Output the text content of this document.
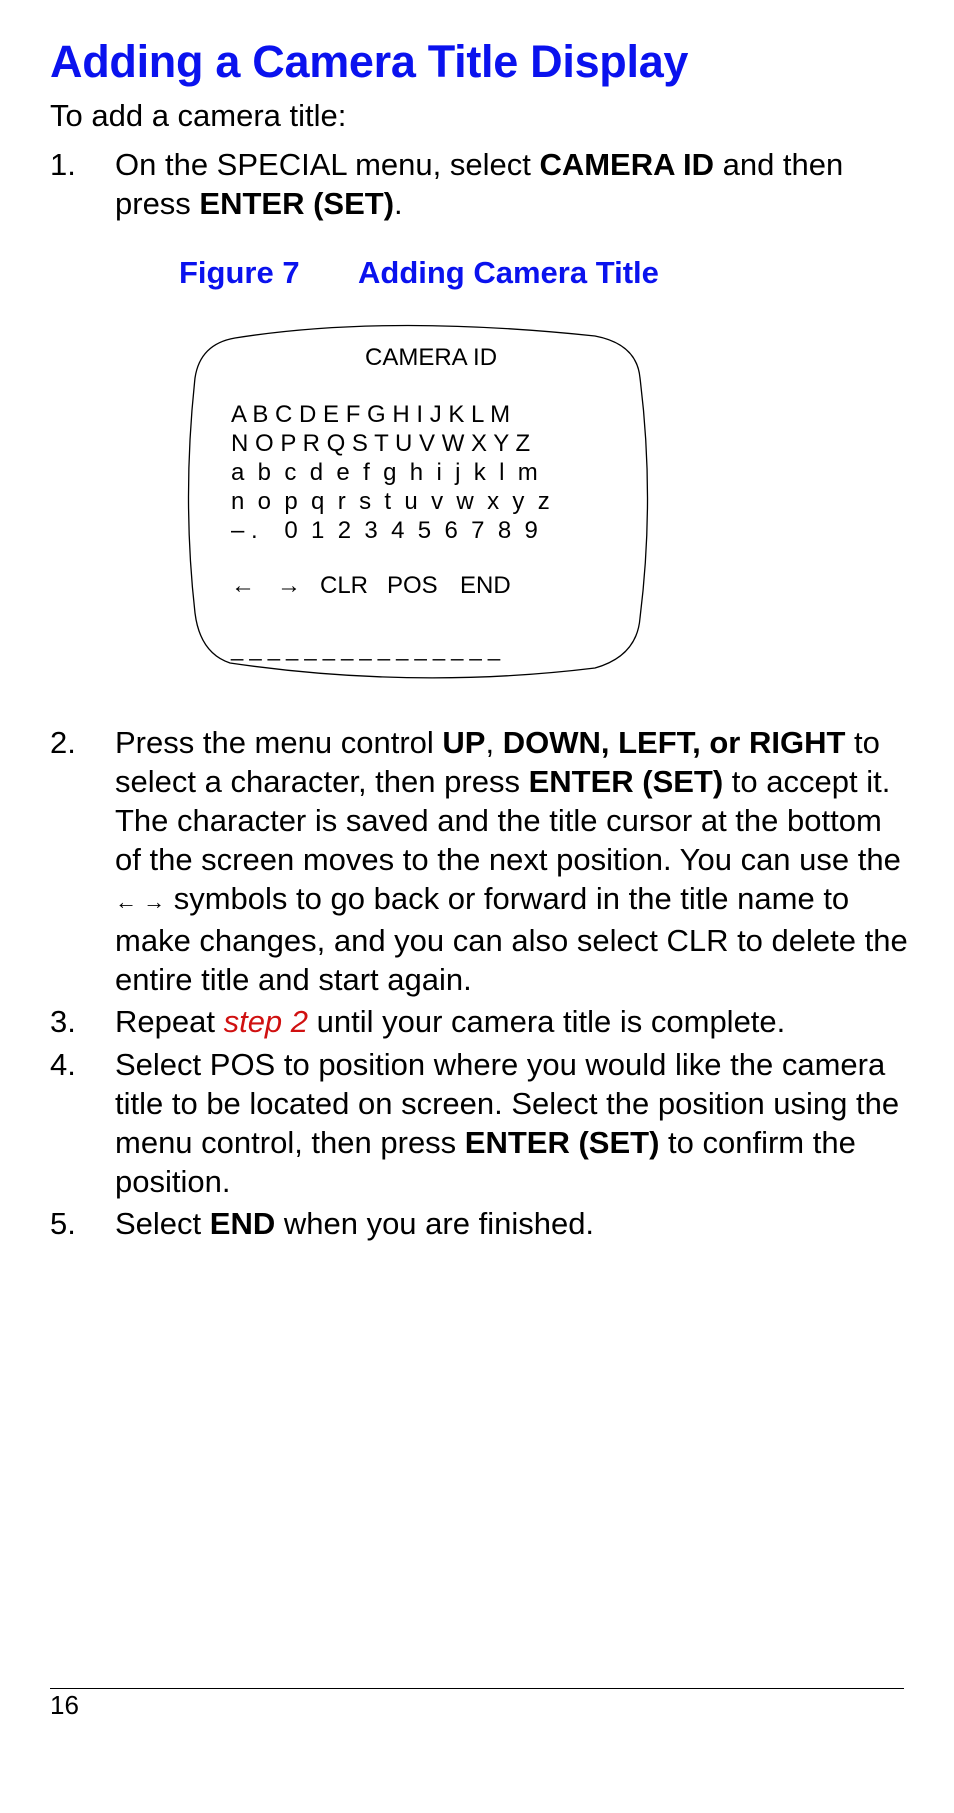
Adding a Camera Title Display
To add a camera title:
1. On the SPECIAL menu, select CAMERA ID and then press ENTER (SET).
Figure 7 Adding Camera Title
CAMERA ID
A B C D E F G H I J K L M
N O P R Q S T U V W X Y Z
a  b  c  d  e  f  g  h  i  j  k  l  m
n  o  p  q  r  s  t  u  v  w  x  y  z
– .    0  1  2  3  4  5  6  7  8  9
← → CLR POS END
_ _ _ _ _ _ _ _ _ _ _ _ _ _ _
2. Press the menu control UP, DOWN, LEFT, or RIGHT to select a character, then press ENTER (SET) to accept it. The character is saved and the title cursor at the bottom of the screen moves to the next position. You can use the ← → symbols to go back or forward in the title name to make changes, and you can also select CLR to delete the entire title and start again.
3. Repeat step 2 until your camera title is complete.
4. Select POS to position where you would like the camera title to be located on screen. Select the position using the menu control, then press ENTER (SET) to confirm the position.
5. Select END when you are finished.
16
